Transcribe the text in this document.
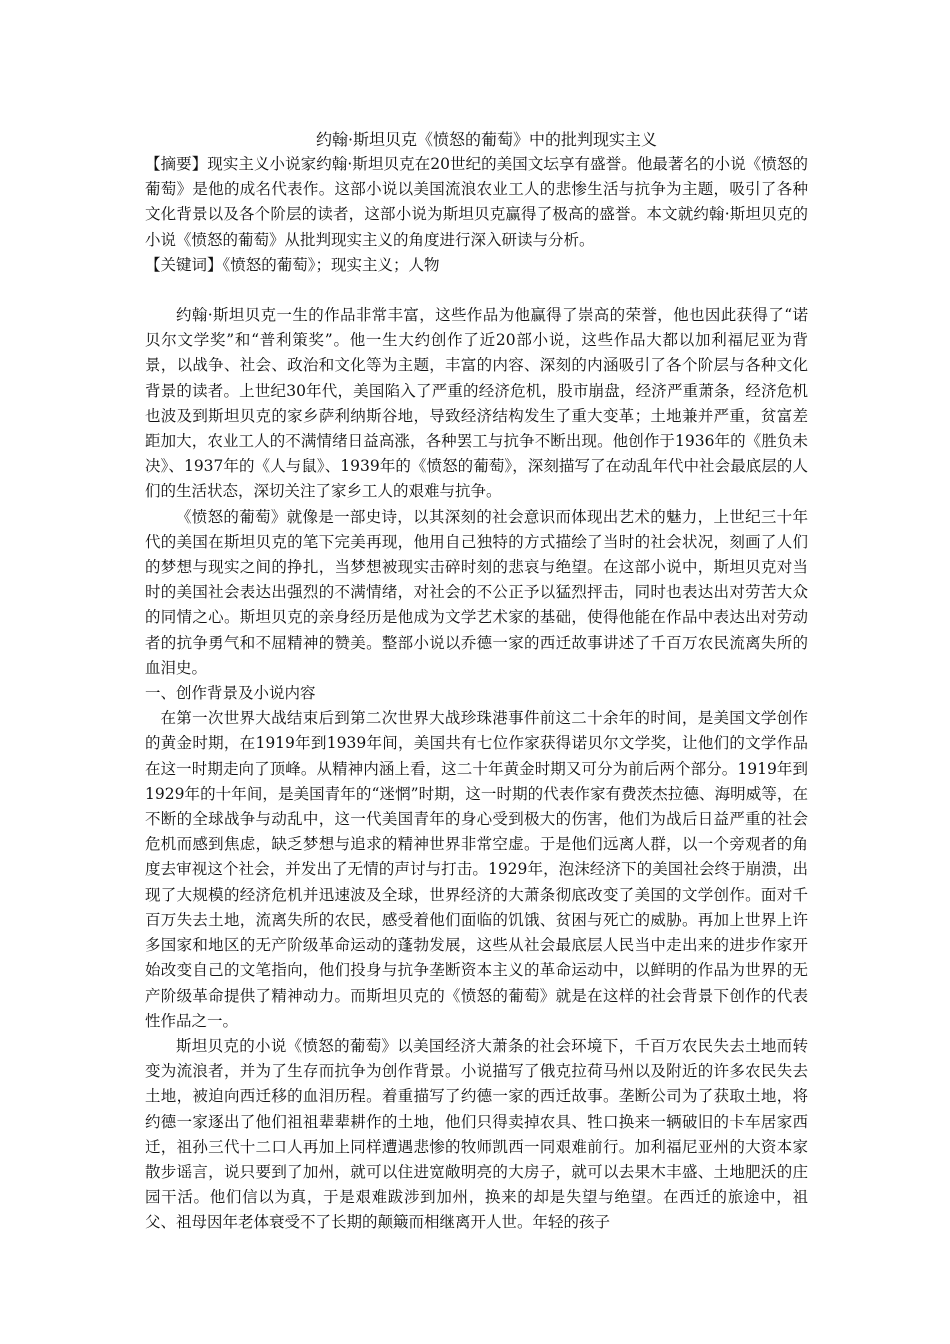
约翰·斯坦贝克《愤怒的葡萄》中的批判现实主义

【摘要】现实主义小说家约翰·斯坦贝克在20世纪的美国文坛享有盛誉。他最著名的小说《愤怒的葡萄》是他的成名代表作。这部小说以美国流浪农业工人的悲惨生活与抗争为主题，吸引了各种文化背景以及各个阶层的读者，这部小说为斯坦贝克赢得了极高的盛誉。本文就约翰·斯坦贝克的小说《愤怒的葡萄》从批判现实主义的角度进行深入研读与分析。

【关键词】《愤怒的葡萄》；现实主义；人物

约翰·斯坦贝克一生的作品非常丰富，这些作品为他赢得了崇高的荣誉，他也因此获得了“诺贝尔文学奖”和“普利策奖”。他一生大约创作了近20部小说，这些作品大都以加利福尼亚为背景，以战争、社会、政治和文化等为主题，丰富的内容、深刻的内涵吸引了各个阶层与各种文化背景的读者。上世纪30年代，美国陷入了严重的经济危机，股市崩盘，经济严重萧条，经济危机也波及到斯坦贝克的家乡萨利纳斯谷地，导致经济结构发生了重大变革；土地兼并严重，贫富差距加大，农业工人的不满情绪日益高涨，各种罢工与抗争不断出现。他创作于1936年的《胜负未决》、1937年的《人与鼠》、1939年的《愤怒的葡萄》，深刻描写了在动乱年代中社会最底层的人们的生活状态，深切关注了家乡工人的艰难与抗争。

《愤怒的葡萄》就像是一部史诗，以其深刻的社会意识而体现出艺术的魅力，上世纪三十年代的美国在斯坦贝克的笔下完美再现，他用自己独特的方式描绘了当时的社会状况，刻画了人们的梦想与现实之间的挣扎，当梦想被现实击碎时刻的悲哀与绝望。在这部小说中，斯坦贝克对当时的美国社会表达出强烈的不满情绪，对社会的不公正予以猛烈抨击，同时也表达出对劳苦大众的同情之心。斯坦贝克的亲身经历是他成为文学艺术家的基础，使得他能在作品中表达出对劳动者的抗争勇气和不屈精神的赞美。整部小说以乔德一家的西迁故事讲述了千百万农民流离失所的血泪史。

一、创作背景及小说内容

在第一次世界大战结束后到第二次世界大战珍珠港事件前这二十余年的时间，是美国文学创作的黄金时期，在1919年到1939年间，美国共有七位作家获得诺贝尔文学奖，让他们的文学作品在这一时期走向了顶峰。从精神内涵上看，这二十年黄金时期又可分为前后两个部分。1919年到1929年的十年间，是美国青年的“迷惘”时期，这一时期的代表作家有费茨杰拉德、海明威等，在不断的全球战争与动乱中，这一代美国青年的身心受到极大的伤害，他们为战后日益严重的社会危机而感到焦虑，缺乏梦想与追求的精神世界非常空虚。于是他们远离人群，以一个旁观者的角度去审视这个社会，并发出了无情的声讨与打击。1929年，泡沫经济下的美国社会终于崩溃，出现了大规模的经济危机并迅速波及全球，世界经济的大萧条彻底改变了美国的文学创作。面对千百万失去土地，流离失所的农民，感受着他们面临的饥饿、贫困与死亡的威胁。再加上世界上许多国家和地区的无产阶级革命运动的蓬勃发展，这些从社会最底层人民当中走出来的进步作家开始改变自己的文笔指向，他们投身与抗争垄断资本主义的革命运动中，以鲜明的作品为世界的无产阶级革命提供了精神动力。而斯坦贝克的《愤怒的葡萄》就是在这样的社会背景下创作的代表性作品之一。

斯坦贝克的小说《愤怒的葡萄》以美国经济大萧条的社会环境下，千百万农民失去土地而转变为流浪者，并为了生存而抗争为创作背景。小说描写了俄克拉荷马州以及附近的许多农民失去土地，被迫向西迁移的血泪历程。着重描写了约德一家的西迁故事。垄断公司为了获取土地，将约德一家逐出了他们祖祖辈辈耕作的土地，他们只得卖掉农具、牲口换来一辆破旧的卡车居家西迁，祖孙三代十二口人再加上同样遭遇悲惨的牧师凯西一同艰难前行。加利福尼亚州的大资本家散步谣言，说只要到了加州，就可以住进宽敞明亮的大房子，就可以去果木丰盛、土地肥沃的庄园干活。他们信以为真，于是艰难跋涉到加州，换来的却是失望与绝望。在西迁的旅途中，祖父、祖母因年老体衰受不了长期的颠簸而相继离开人世。年轻的孩子
